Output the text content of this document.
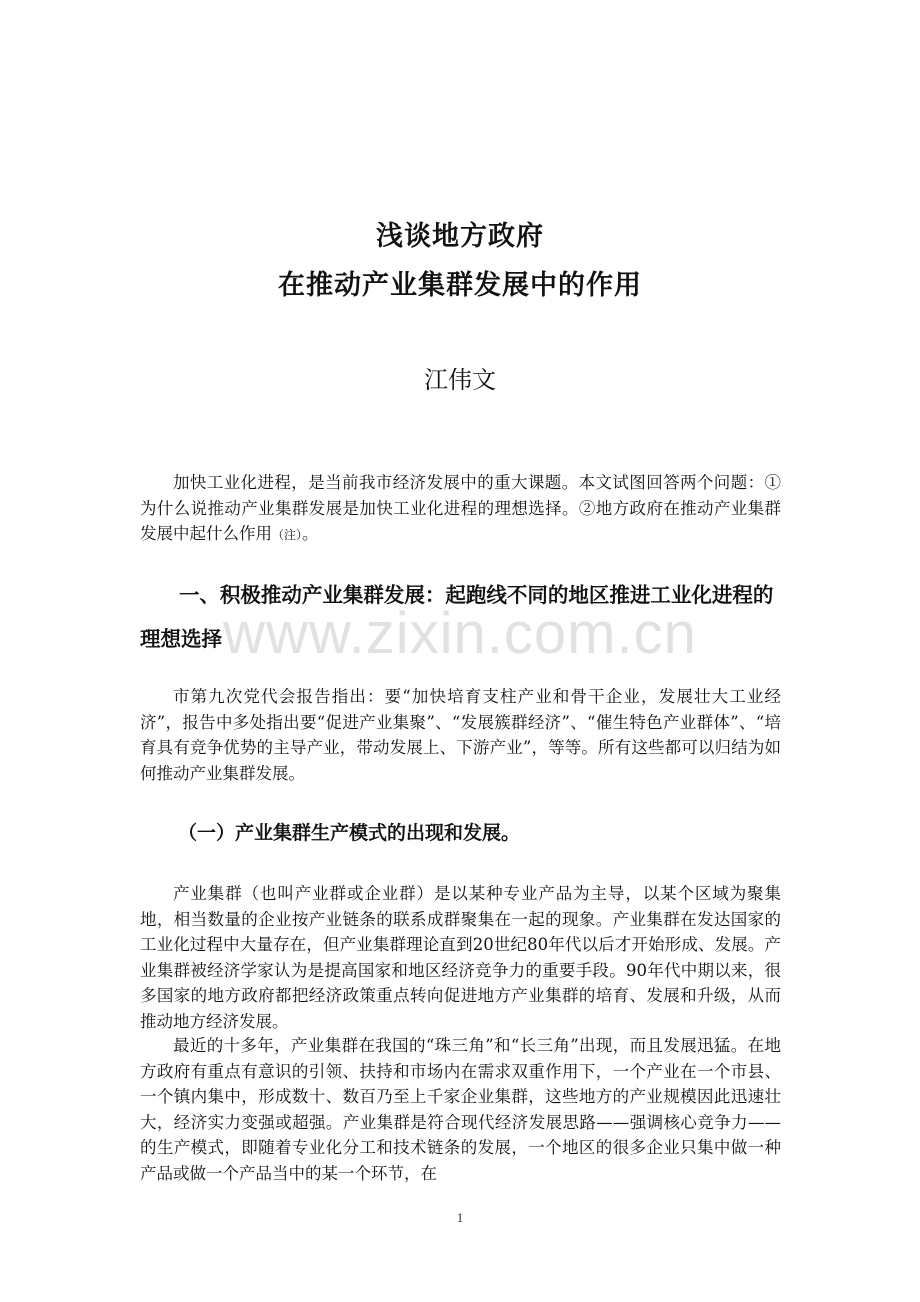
浅谈地方政府
在推动产业集群发展中的作用
江伟文

加快工业化进程，是当前我市经济发展中的重大课题。本文试图回答两个问题：①为什么说推动产业集群发展是加快工业化进程的理想选择。②地方政府在推动产业集群发展中起什么作用（注）。

一、积极推动产业集群发展：起跑线不同的地区推进工业化进程的理想选择

市第九次党代会报告指出：要“加快培育支柱产业和骨干企业，发展壮大工业经济”，报告中多处指出要“促进产业集聚”、“发展簇群经济”、“催生特色产业群体”、“培育具有竞争优势的主导产业，带动发展上、下游产业”，等等。所有这些都可以归结为如何推动产业集群发展。

（一）产业集群生产模式的出现和发展。

产业集群（也叫产业群或企业群）是以某种专业产品为主导，以某个区域为聚集地，相当数量的企业按产业链条的联系成群聚集在一起的现象。产业集群在发达国家的工业化过程中大量存在，但产业集群理论直到20世纪80年代以后才开始形成、发展。产业集群被经济学家认为是提高国家和地区经济竞争力的重要手段。90年代中期以来，很多国家的地方政府都把经济政策重点转向促进地方产业集群的培育、发展和升级，从而推动地方经济发展。

最近的十多年，产业集群在我国的“珠三角”和“长三角”出现，而且发展迅猛。在地方政府有重点有意识的引领、扶持和市场内在需求双重作用下，一个产业在一个市县、一个镇内集中，形成数十、数百乃至上千家企业集群，这些地方的产业规模因此迅速壮大，经济实力变强或超强。产业集群是符合现代经济发展思路——强调核心竞争力——的生产模式，即随着专业化分工和技术链条的发展，一个地区的很多企业只集中做一种产品或做一个产品当中的某一个环节，在

www.zixin.com.cn
1
